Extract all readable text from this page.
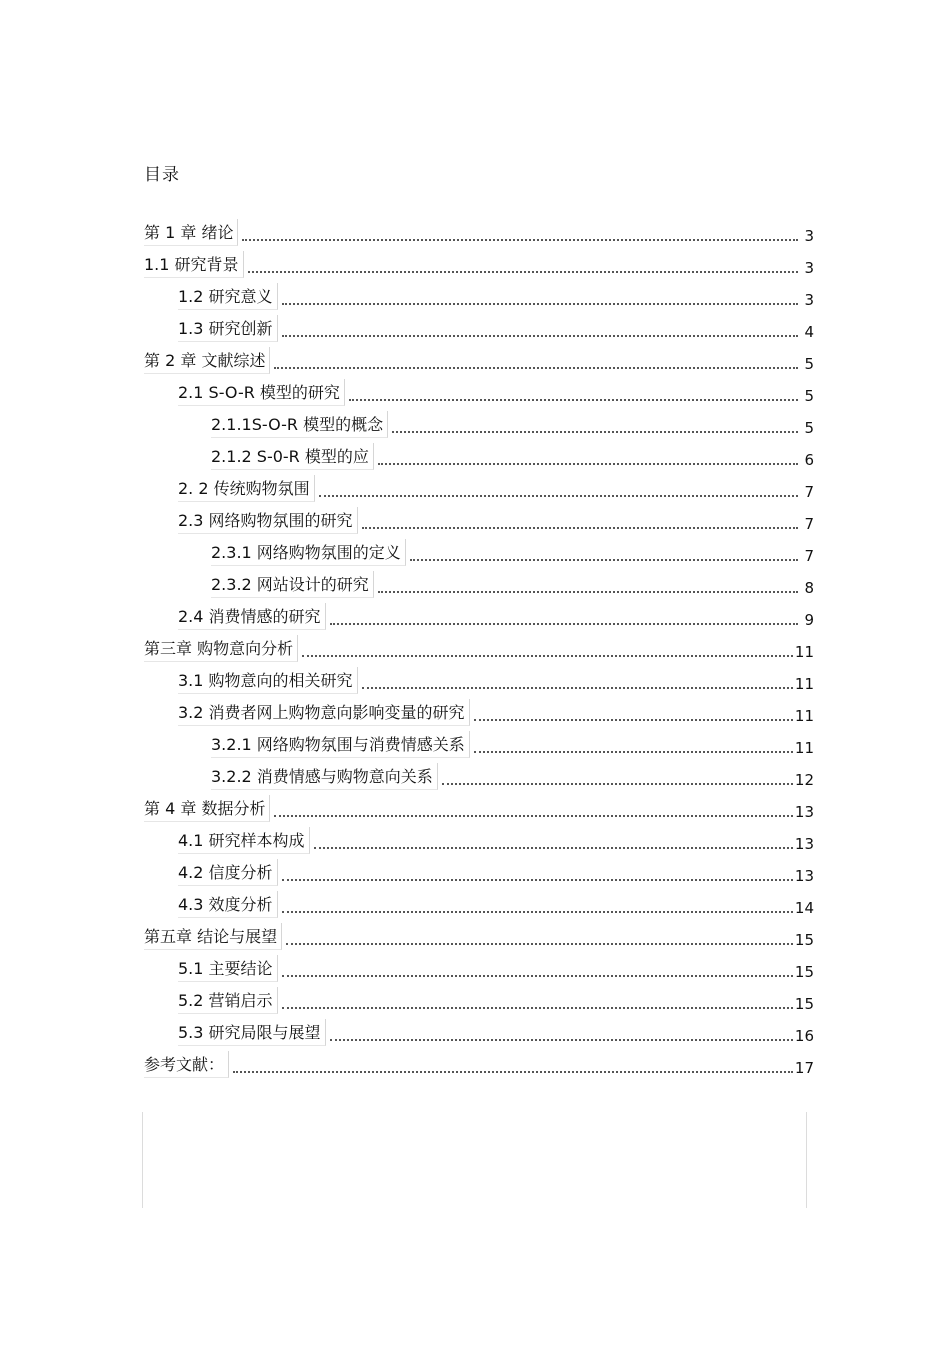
目录
第 1 章 绪论	3
1.1 研究背景	3
1.2 研究意义	3
1.3 研究创新	4
第 2 章 文献综述	5
2.1 S-O-R 模型的研究	5
2.1.1S-O-R 模型的概念	5
2.1.2 S-0-R 模型的应	6
2. 2 传统购物氛围	7
2.3 网络购物氛围的研究	7
2.3.1 网络购物氛围的定义	7
2.3.2 网站设计的研究	8
2.4 消费情感的研究	9
第三章 购物意向分析	11
3.1 购物意向的相关研究	11
3.2 消费者网上购物意向影响变量的研究	11
3.2.1 网络购物氛围与消费情感关系	11
3.2.2 消费情感与购物意向关系	12
第 4 章 数据分析	13
4.1 研究样本构成	13
4.2 信度分析	13
4.3 效度分析	14
第五章 结论与展望	15
5.1 主要结论	15
5.2 营销启示	15
5.3 研究局限与展望	16
参考文献：	17
